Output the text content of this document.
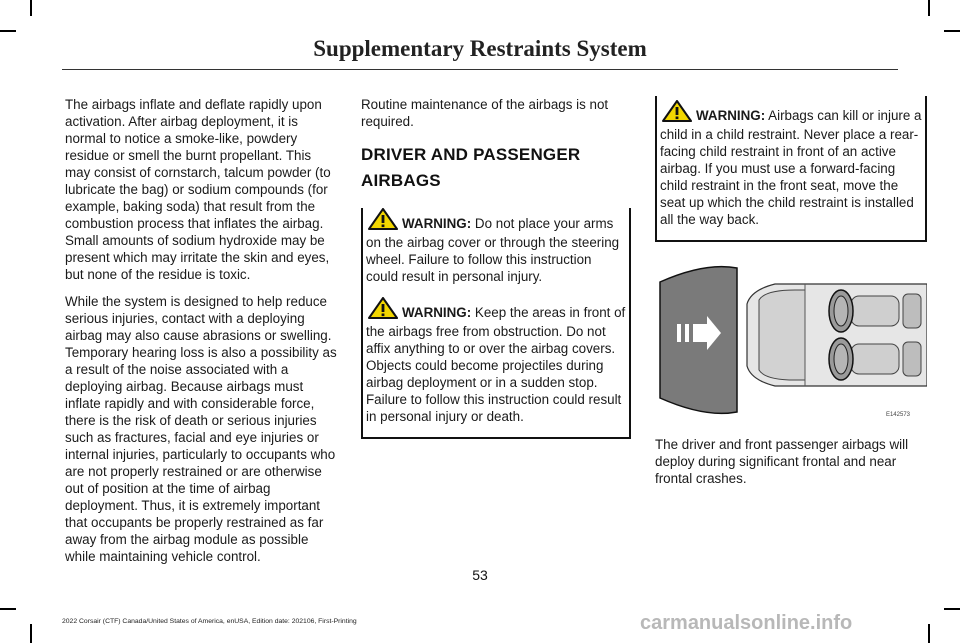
Supplementary Restraints System

The airbags inflate and deflate rapidly upon activation. After airbag deployment, it is normal to notice a smoke-like, powdery residue or smell the burnt propellant. This may consist of cornstarch, talcum powder (to lubricate the bag) or sodium compounds (for example, baking soda) that result from the combustion process that inflates the airbag. Small amounts of sodium hydroxide may be present which may irritate the skin and eyes, but none of the residue is toxic.

While the system is designed to help reduce serious injuries, contact with a deploying airbag may also cause abrasions or swelling. Temporary hearing loss is also a possibility as a result of the noise associated with a deploying airbag. Because airbags must inflate rapidly and with considerable force, there is the risk of death or serious injuries such as fractures, facial and eye injuries or internal injuries, particularly to occupants who are not properly restrained or are otherwise out of position at the time of airbag deployment. Thus, it is extremely important that occupants be properly restrained as far away from the airbag module as possible while maintaining vehicle control.

Routine maintenance of the airbags is not required.

DRIVER AND PASSENGER AIRBAGS

WARNING: Do not place your arms on the airbag cover or through the steering wheel. Failure to follow this instruction could result in personal injury.

WARNING: Keep the areas in front of the airbags free from obstruction. Do not affix anything to or over the airbag covers. Objects could become projectiles during airbag deployment or in a sudden stop. Failure to follow this instruction could result in personal injury or death.

WARNING: Airbags can kill or injure a child in a child restraint. Never place a rear-facing child restraint in front of an active airbag. If you must use a forward-facing child restraint in the front seat, move the seat up which the child restraint is installed all the way back.

E142573

The driver and front passenger airbags will deploy during significant frontal and near frontal crashes.

53
2022 Corsair (CTF) Canada/United States of America, enUSA, Edition date: 202106, First-Printing	carmanualsonline.info
